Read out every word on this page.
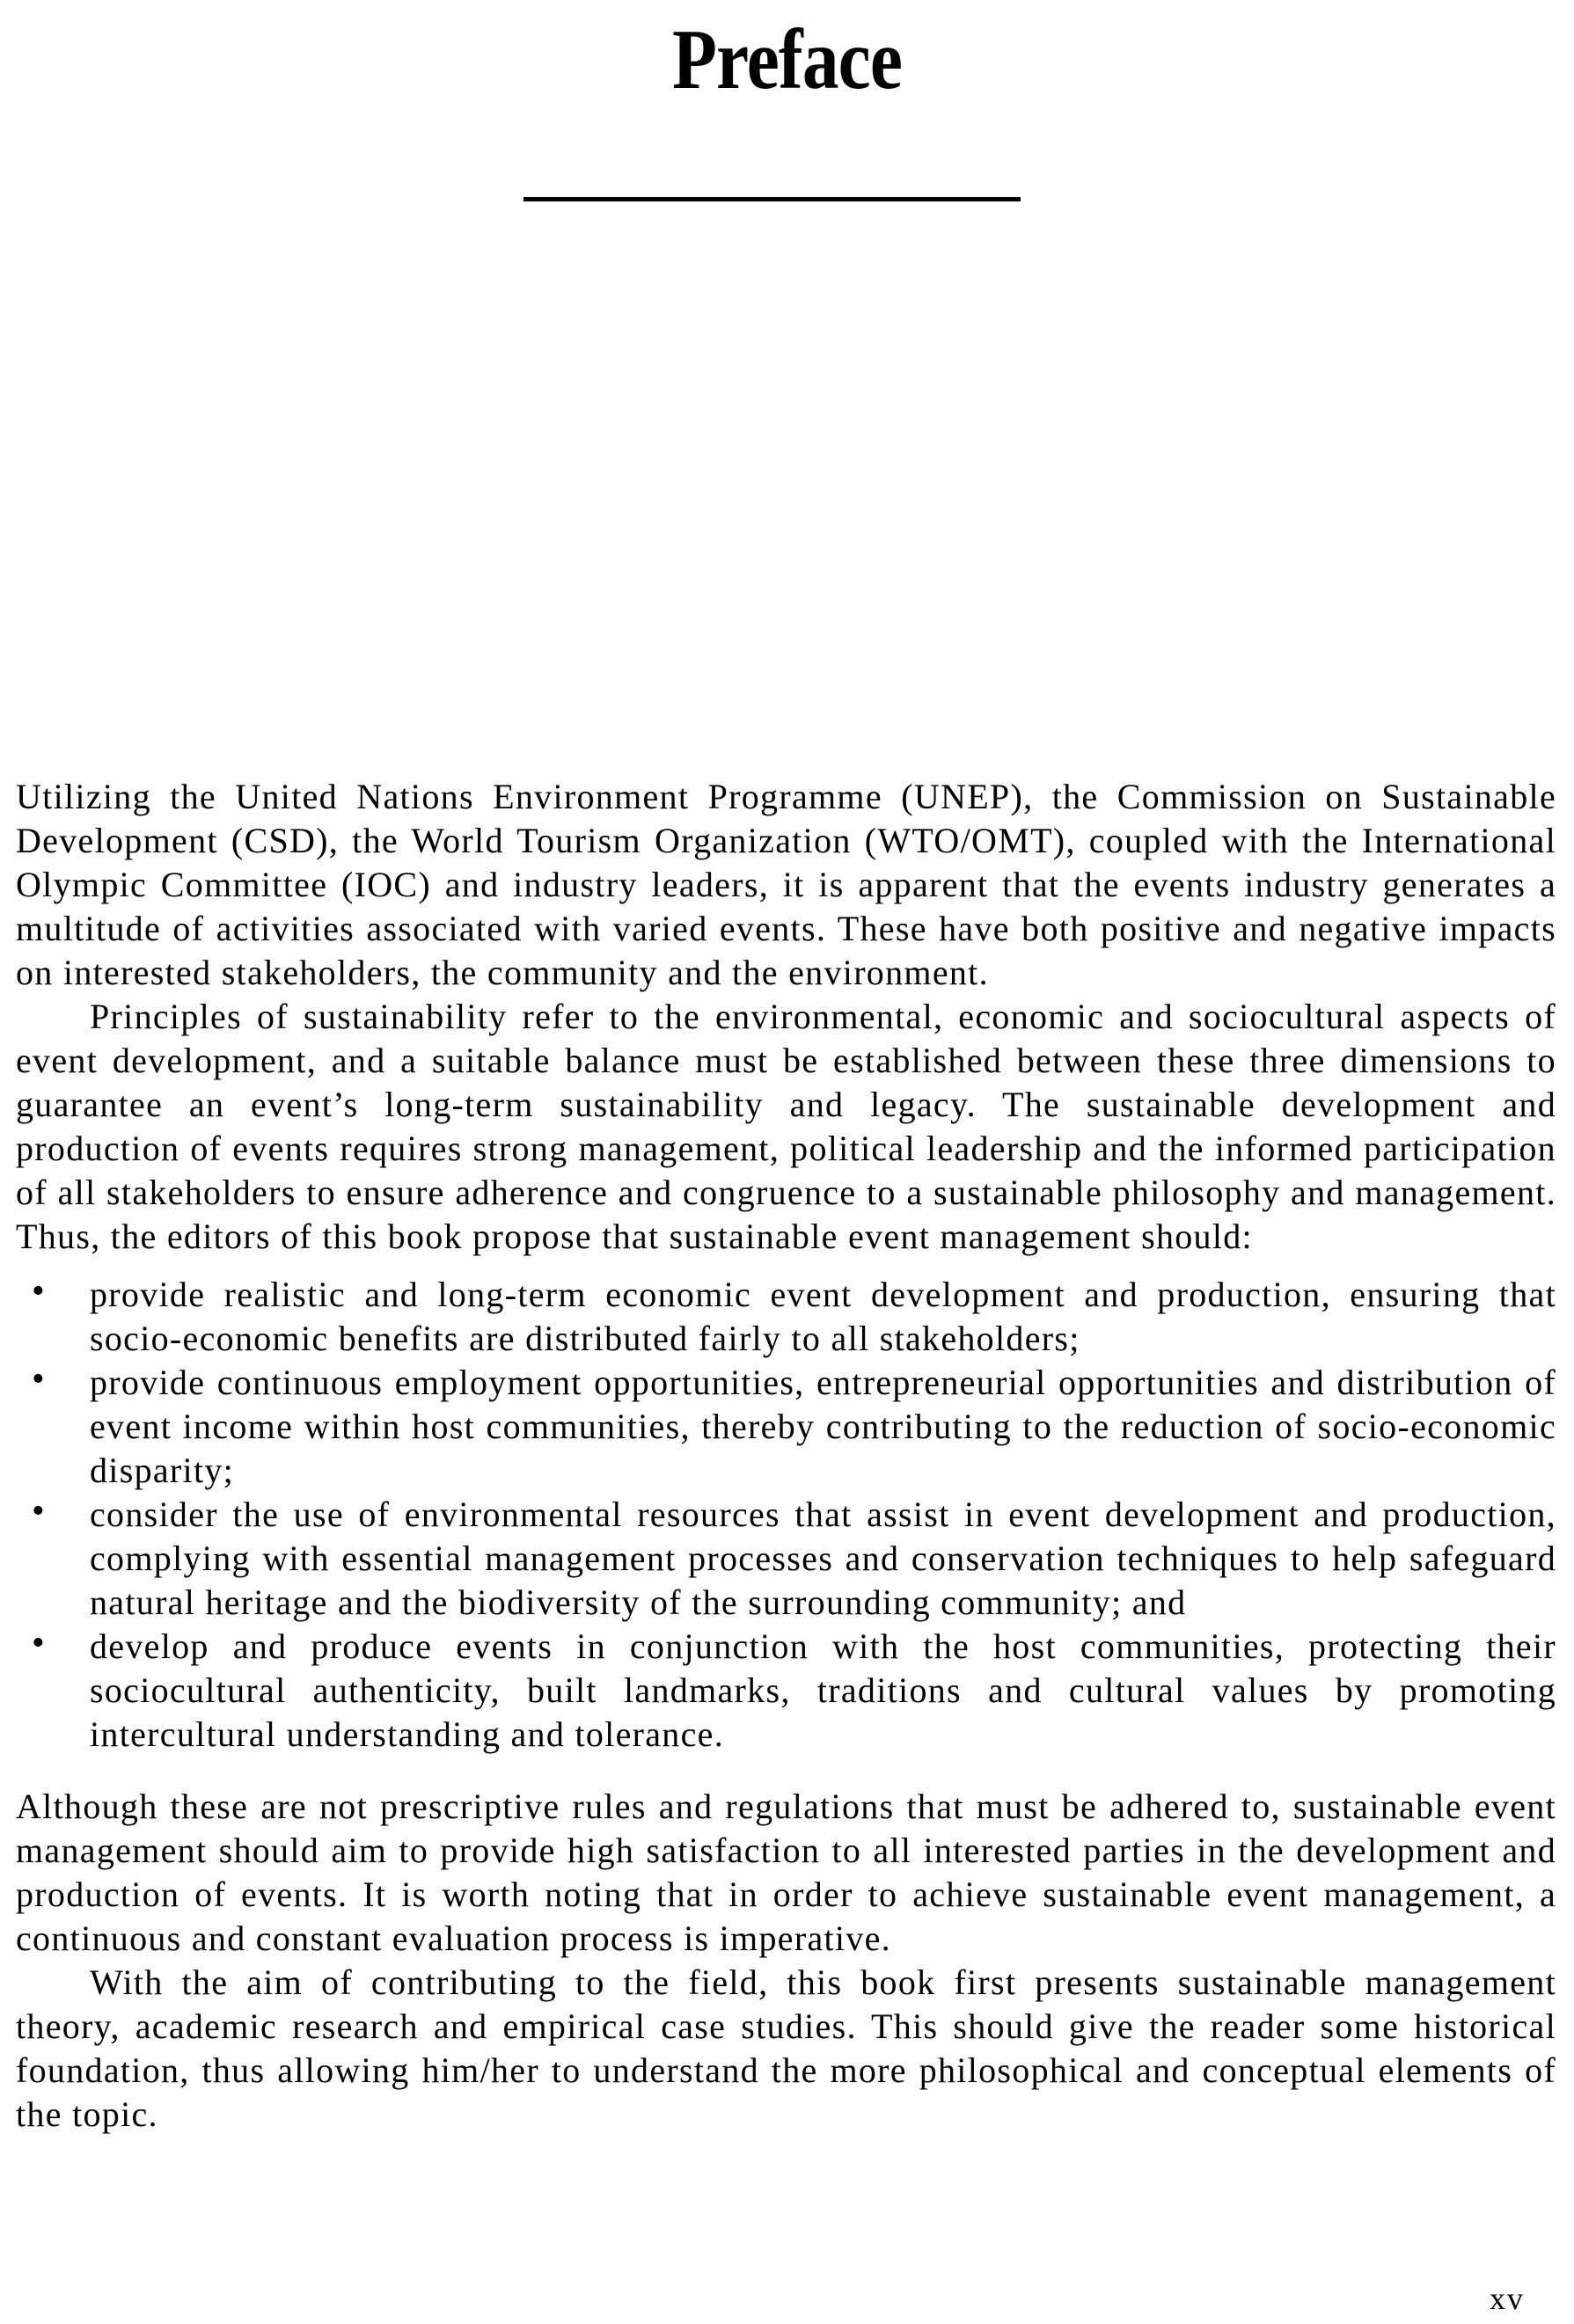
Preface

Utilizing the United Nations Environment Programme (UNEP), the Commission on Sustainable Development (CSD), the World Tourism Organization (WTO/OMT), coupled with the International Olympic Committee (IOC) and industry leaders, it is apparent that the events industry generates a multitude of activities associated with varied events. These have both positive and negative impacts on interested stakeholders, the community and the environment.

Principles of sustainability refer to the environmental, economic and sociocultural aspects of event development, and a suitable balance must be established between these three dimensions to guarantee an event’s long-term sustainability and legacy. The sustainable development and production of events requires strong management, political leadership and the informed participation of all stakeholders to ensure adherence and congruence to a sustainable philosophy and management. Thus, the editors of this book propose that sustainable event management should:

• provide realistic and long-term economic event development and production, ensuring that socio-economic benefits are distributed fairly to all stakeholders;
• provide continuous employment opportunities, entrepreneurial opportunities and distribution of event income within host communities, thereby contributing to the reduction of socio-economic disparity;
• consider the use of environmental resources that assist in event development and production, complying with essential management processes and conservation techniques to help safeguard natural heritage and the biodiversity of the surrounding community; and
• develop and produce events in conjunction with the host communities, protecting their sociocultural authenticity, built landmarks, traditions and cultural values by promoting intercultural understanding and tolerance.

Although these are not prescriptive rules and regulations that must be adhered to, sustainable event management should aim to provide high satisfaction to all interested parties in the development and production of events. It is worth noting that in order to achieve sustainable event management, a continuous and constant evaluation process is imperative.

With the aim of contributing to the field, this book first presents sustainable management theory, academic research and empirical case studies. This should give the reader some historical foundation, thus allowing him/her to understand the more philosophical and conceptual elements of the topic.

xv
